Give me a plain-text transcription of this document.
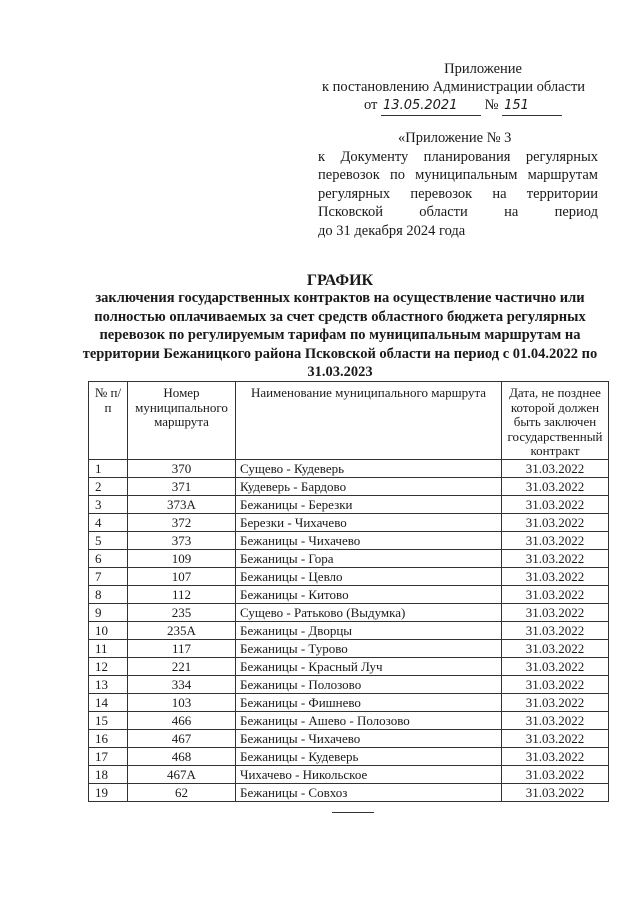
Приложение
к постановлению Администрации области
от 13.05.2021 № 151
«Приложение № 3
к Документу планирования регулярных
перевозок по муниципальным маршрутам
регулярных перевозок на территории
Псковской области на период
до 31 декабря 2024 года
ГРАФИК
заключения государственных контрактов на осуществление частично или полностью оплачиваемых за счет средств областного бюджета регулярных перевозок по регулируемым тарифам по муниципальным маршрутам на территории Бежаницкого района Псковской области на период с 01.04.2022 по 31.03.2023
№ п/п	Номер муниципального маршрута	Наименование муниципального маршрута	Дата, не позднее которой должен быть заключен государственный контракт
1	370	Сущево - Кудеверь	31.03.2022
2	371	Кудеверь - Бардово	31.03.2022
3	373А	Бежаницы - Березки	31.03.2022
4	372	Березки - Чихачево	31.03.2022
5	373	Бежаницы - Чихачево	31.03.2022
6	109	Бежаницы - Гора	31.03.2022
7	107	Бежаницы - Цевло	31.03.2022
8	112	Бежаницы - Китово	31.03.2022
9	235	Сущево - Ратьково (Выдумка)	31.03.2022
10	235А	Бежаницы - Дворцы	31.03.2022
11	117	Бежаницы - Турово	31.03.2022
12	221	Бежаницы - Красный Луч	31.03.2022
13	334	Бежаницы - Полозово	31.03.2022
14	103	Бежаницы - Фишнево	31.03.2022
15	466	Бежаницы - Ашево - Полозово	31.03.2022
16	467	Бежаницы - Чихачево	31.03.2022
17	468	Бежаницы - Кудеверь	31.03.2022
18	467А	Чихачево - Никольское	31.03.2022
19	62	Бежаницы - Совхоз	31.03.2022
